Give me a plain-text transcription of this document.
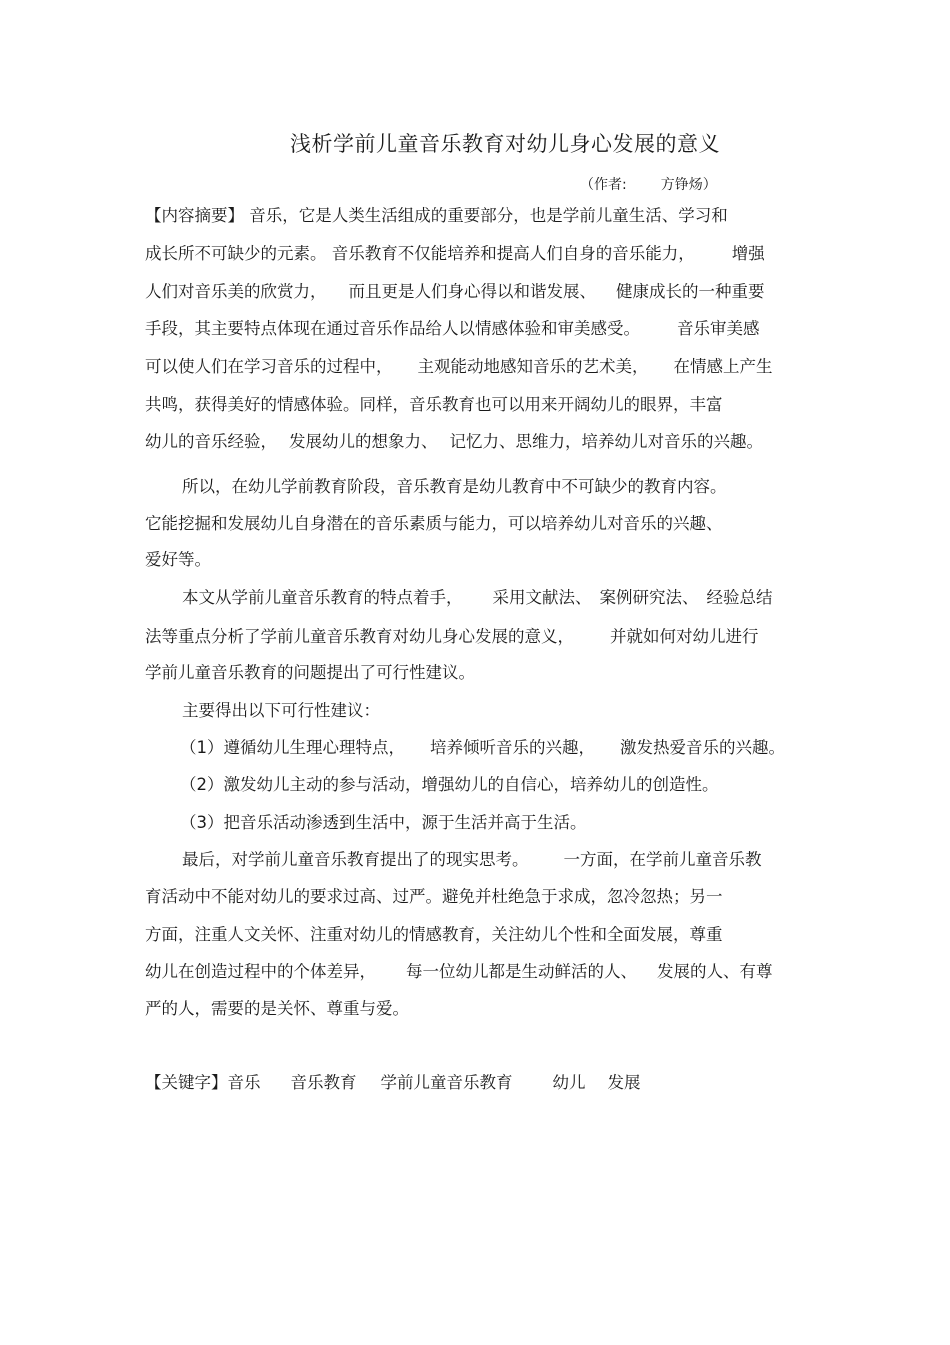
浅析学前儿童音乐教育对幼儿身心发展的意义
（作者: 方铮炀）
【内容摘要】 音乐，它是人类生活组成的重要部分，也是学前儿童生活、学习和
成长所不可缺少的元素。 音乐教育不仅能培养和提高人们自身的音乐能力， 增强
人们对音乐美的欣赏力， 而且更是人们身心得以和谐发展、 健康成长的一种重要
手段，其主要特点体现在通过音乐作品给人以情感体验和审美感受。 音乐审美感
可以使人们在学习音乐的过程中， 主观能动地感知音乐的艺术美， 在情感上产生
共鸣，获得美好的情感体验。同样，音乐教育也可以用来开阔幼儿的眼界，丰富
幼儿的音乐经验， 发展幼儿的想象力、 记忆力、思维力，培养幼儿对音乐的兴趣。
所以，在幼儿学前教育阶段，音乐教育是幼儿教育中不可缺少的教育内容。
它能挖掘和发展幼儿自身潜在的音乐素质与能力，可以培养幼儿对音乐的兴趣、
爱好等。
本文从学前儿童音乐教育的特点着手， 采用文献法、 案例研究法、 经验总结
法等重点分析了学前儿童音乐教育对幼儿身心发展的意义， 并就如何对幼儿进行
学前儿童音乐教育的问题提出了可行性建议。
主要得出以下可行性建议：
（1）遵循幼儿生理心理特点， 培养倾听音乐的兴趣， 激发热爱音乐的兴趣。
（2）激发幼儿主动的参与活动，增强幼儿的自信心，培养幼儿的创造性。
（3）把音乐活动渗透到生活中，源于生活并高于生活。
最后，对学前儿童音乐教育提出了的现实思考。 一方面，在学前儿童音乐教
育活动中不能对幼儿的要求过高、过严。避免并杜绝急于求成，忽冷忽热；另一
方面，注重人文关怀、注重对幼儿的情感教育，关注幼儿个性和全面发展，尊重
幼儿在创造过程中的个体差异， 每一位幼儿都是生动鲜活的人、 发展的人、有尊
严的人，需要的是关怀、尊重与爱。
【关键字】音乐 音乐教育 学前儿童音乐教育 幼儿 发展
